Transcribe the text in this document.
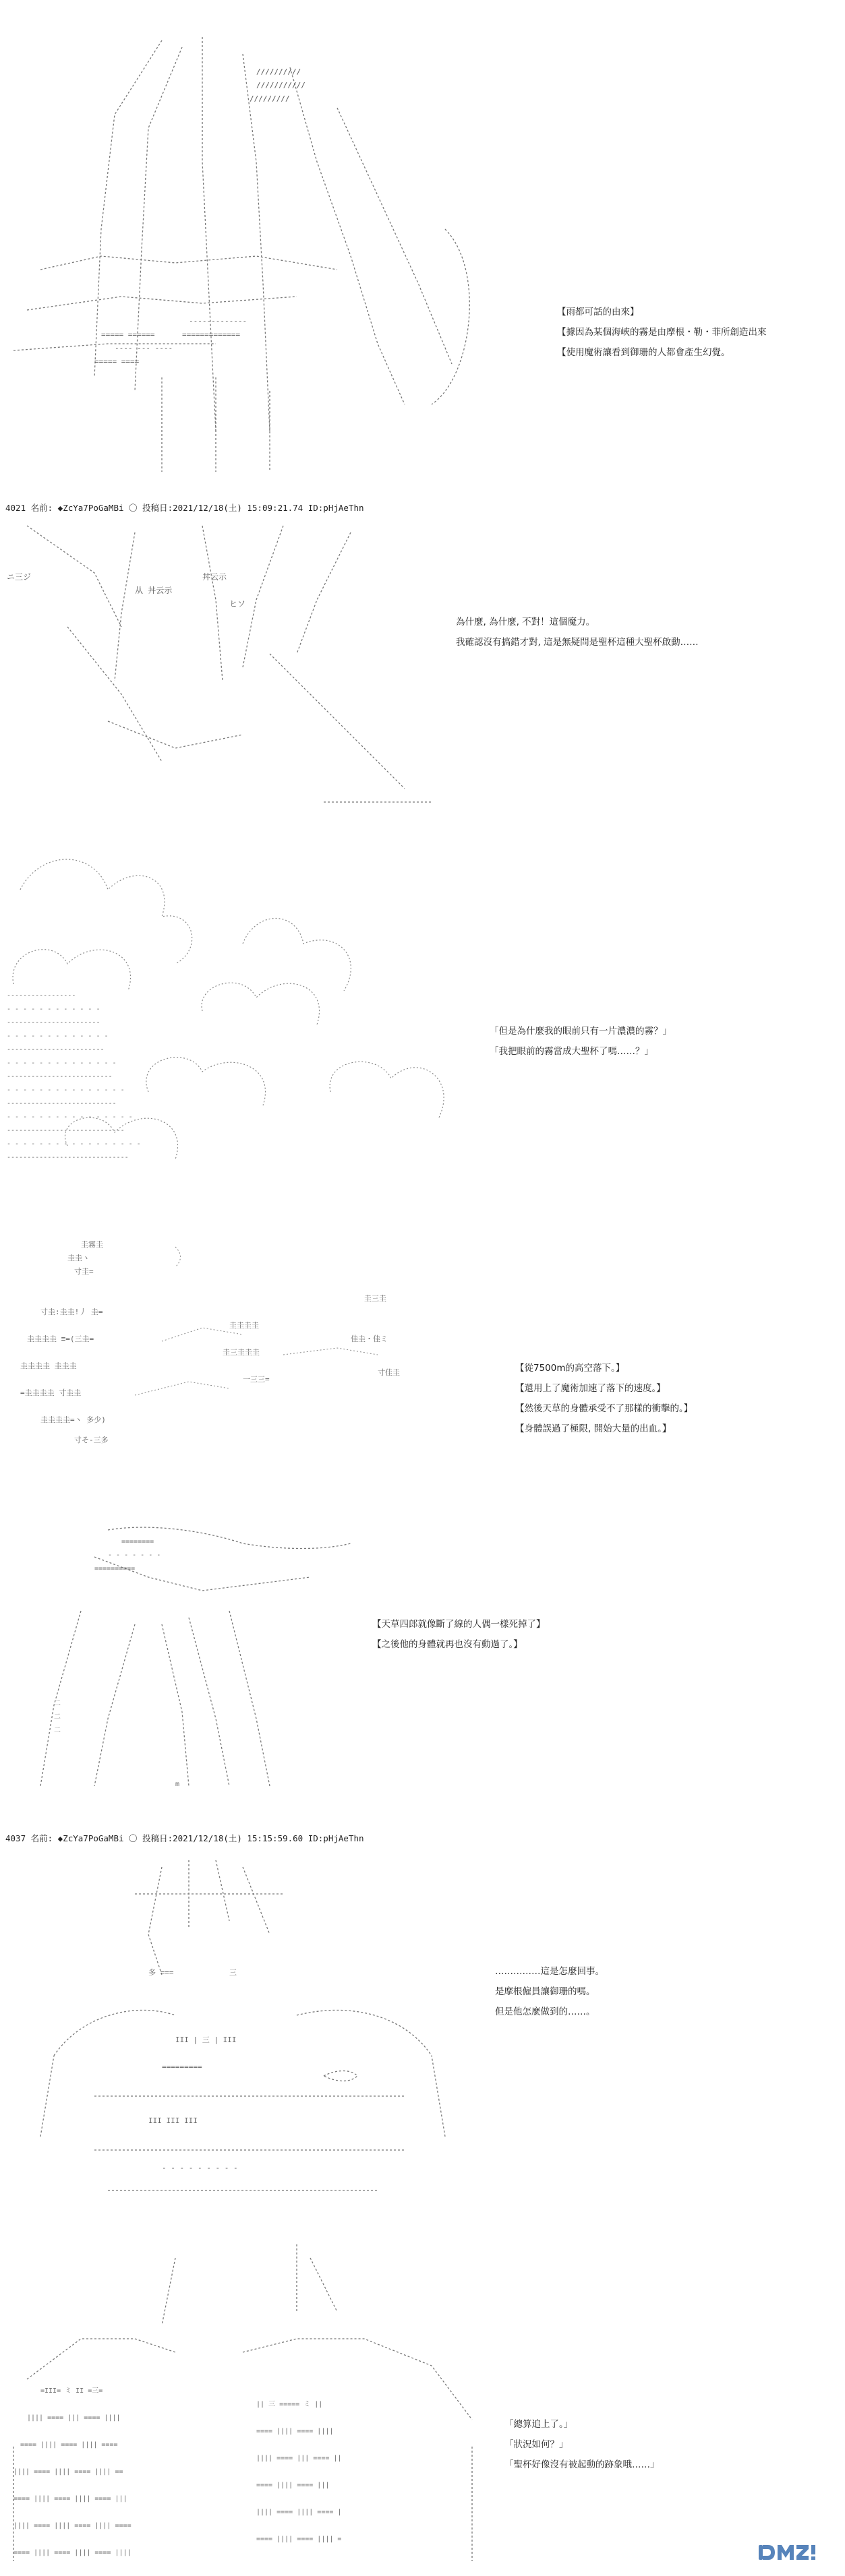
//////////
///////////
/////////
===== ======
---- --- ----
===== ====
-------------
=============
【雨都可話的由來】
【據因為某個海峽的霧是由摩根・勒・菲所創造出來
【使用魔術讓看到御珊的人都會產生幻覺。
4021 名前: ◆ZcYa7PoGaMBi 〇 投稿日:2021/12/18(土) 15:09:21.74 ID:pHjAeThn
ニ三ジ
从 丼云示
丼云示
ヒソ
為什麼, 為什麼, 不對！這個魔力。
我確認沒有搞錯才對, 這是無疑問是聖杯這種大聖杯啟動……
-----------------
- - - - - - - - - - - -
-----------------------
- - - - - - - - - - - - -
------------------------
- - - - - - - - - - - - - -
--------------------------
- - - - - - - - - - - - - - -
---------------------------
- - - - - - - - - - - - - - - -
-----------------------------
- - - - - - - - - - - - - - - - -
------------------------------
「但是為什麼我的眼前只有一片濃濃的霧？」
「我把眼前的霧當成大聖杯了嗎……？」
圭霧圭
圭圭ヽ
寸圭=
寸圭:圭圭!丿 圭=
圭圭圭圭 ≡=(三圭=
圭圭圭圭 圭圭圭
=圭圭圭圭 寸圭圭
圭圭圭圭=ヽ 多少)
寸そ-三多
圭圭圭圭
圭三圭圭圭
一三三=
圭三圭
佳圭・佳ミ
寸佳圭	【從7500m的高空落下。】
【還用上了魔術加速了落下的速度。】
【然後天草的身體承受不了那樣的衝擊的。】
【身體誤過了極限, 開始大量的出血。】
========
- - - - - - -
==========
二
二
二
m
【天草四郎就像斷了線的人偶一樣死掉了】
【之後他的身體就再也沒有動過了。】
4037 名前: ◆ZcYa7PoGaMBi 〇 投稿日:2021/12/18(土) 15:15:59.60 ID:pHjAeThn
多 ===	三
III | 三 | III
=========
III III III
- - - - - - - - -
……………這是怎麼回事。
是摩根僱員讓御珊的嗎。
但是他怎麼做到的……。
=III= ミ II =三=
|||| ==== ||| ==== ||||
==== |||| ==== |||| ====
|||| ==== |||| ==== |||| ==
==== |||| ==== |||| ==== |||
|||| ==== |||| ==== |||| ====
==== |||| ==== |||| ==== ||||
|| 三 ===== ミ ||
==== |||| ==== ||||
|||| ==== ||| ==== ||
==== |||| ==== |||
|||| ==== |||| ==== |
==== |||| ==== |||| =
「總算追上了。」
「狀況如何？」
「聖杯好像沒有被起動的跡象哦……」
